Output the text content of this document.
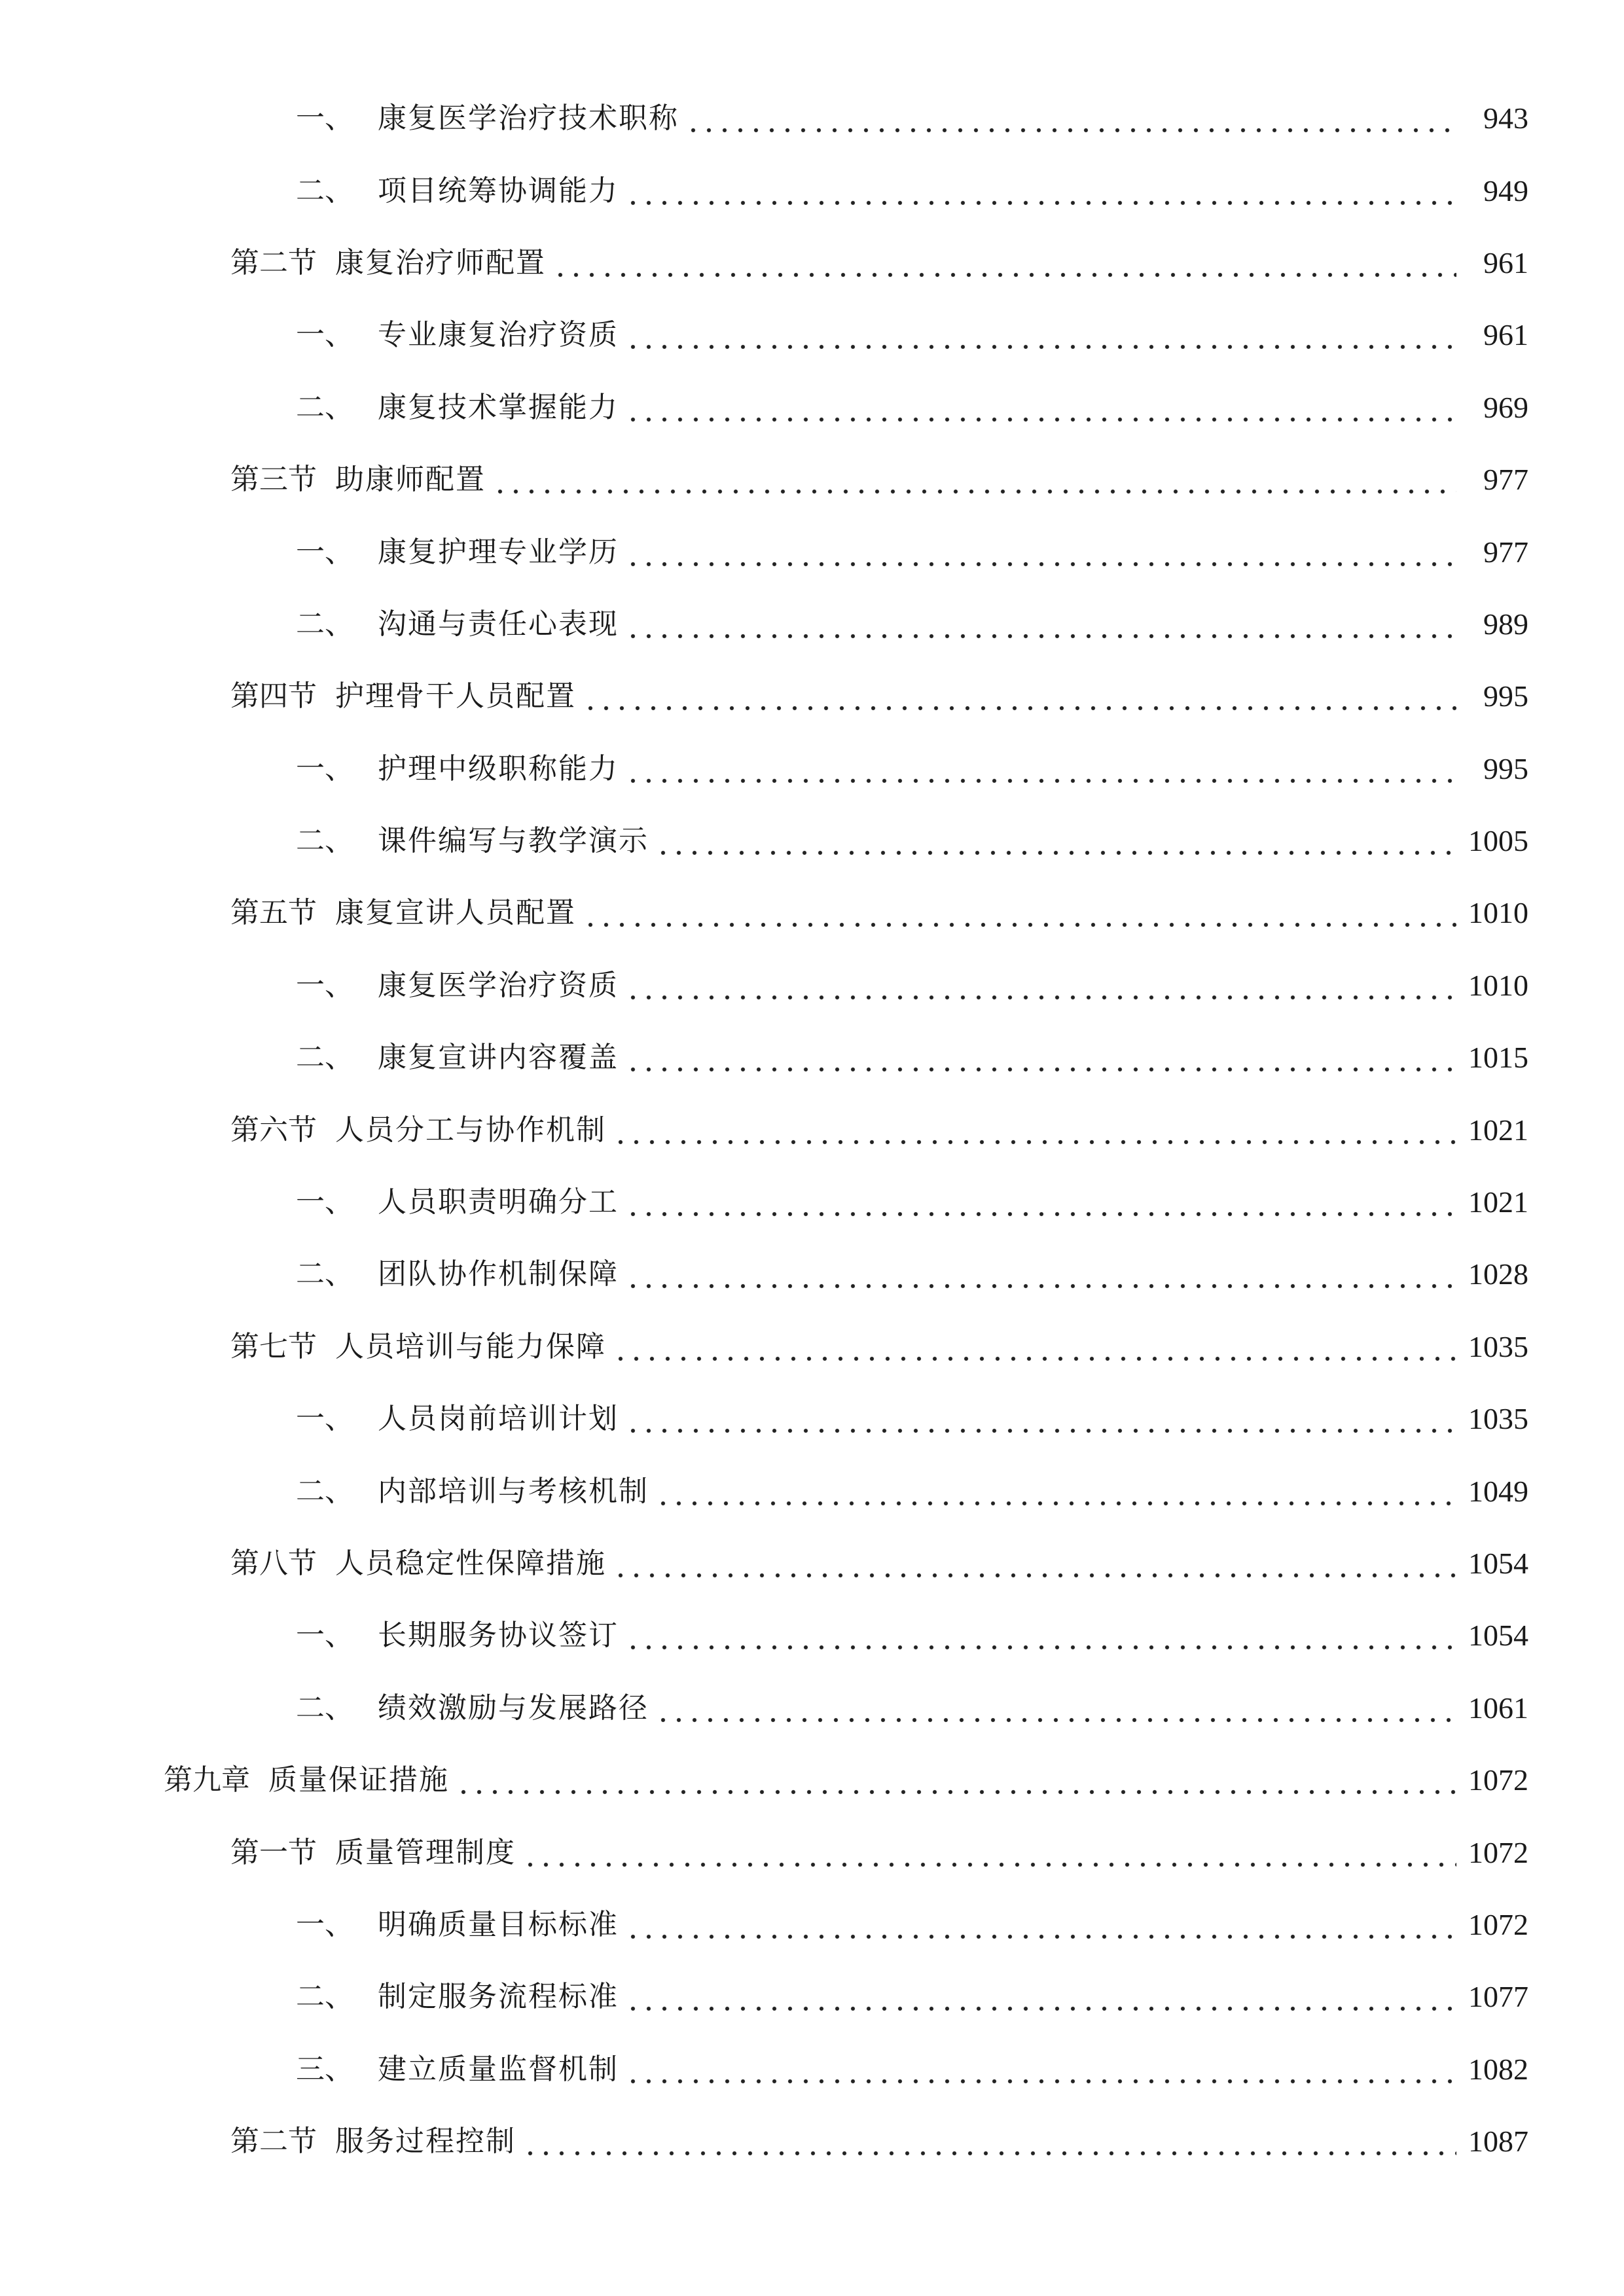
一、 康复医学治疗技术职称	943
二、 项目统筹协调能力	949
第二节 康复治疗师配置	961
一、 专业康复治疗资质	961
二、 康复技术掌握能力	969
第三节 助康师配置	977
一、 康复护理专业学历	977
二、 沟通与责任心表现	989
第四节 护理骨干人员配置	995
一、 护理中级职称能力	995
二、 课件编写与教学演示	1005
第五节 康复宣讲人员配置	1010
一、 康复医学治疗资质	1010
二、 康复宣讲内容覆盖	1015
第六节 人员分工与协作机制	1021
一、 人员职责明确分工	1021
二、 团队协作机制保障	1028
第七节 人员培训与能力保障	1035
一、 人员岗前培训计划	1035
二、 内部培训与考核机制	1049
第八节 人员稳定性保障措施	1054
一、 长期服务协议签订	1054
二、 绩效激励与发展路径	1061
第九章 质量保证措施	1072
第一节 质量管理制度	1072
一、 明确质量目标标准	1072
二、 制定服务流程标准	1077
三、 建立质量监督机制	1082
第二节 服务过程控制	1087
